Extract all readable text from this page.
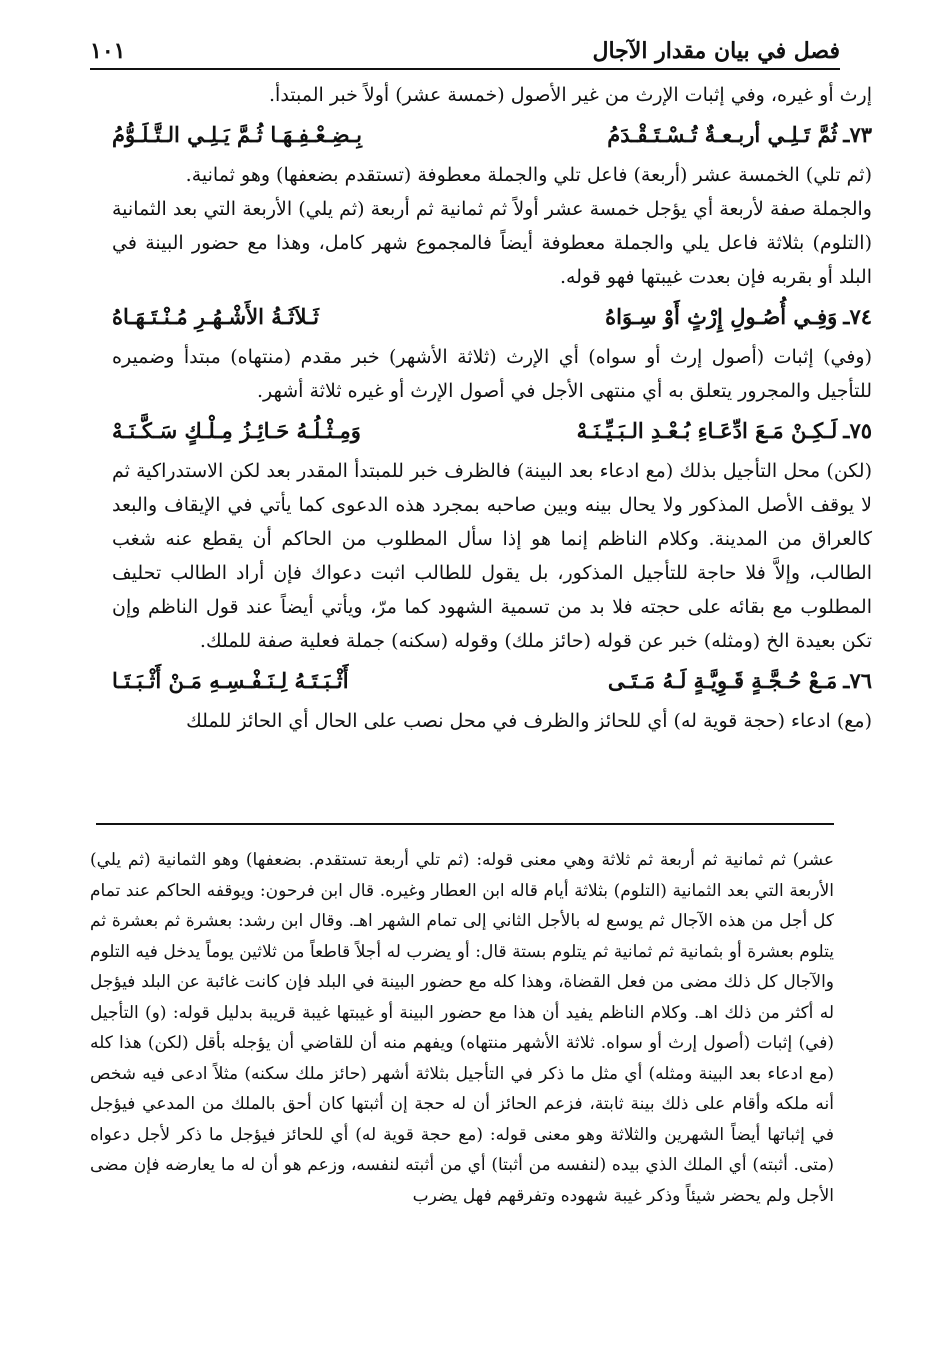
فصل في بيان مقدار الآجال
١٠١

إرث أو غيره، وفي إثبات الإرث من غير الأصول (خمسة عشر) أولاً خبر المبتدأ.

٧٣ـ
ثُمَّ تَـلِـي أربـعـةٌ تُـسْـتَـقْـدَمُ
بِـضِـعْـفِـهَـا ثُـمَّ يَـلِـي الـتَّـلَـوُّمُ

(ثم تلي) الخمسة عشر (أربعة) فاعل تلي والجملة معطوفة (تستقدم بضعفها) وهو ثمانية.

والجملة صفة لأربعة أي يؤجل خمسة عشر أولاً ثم ثمانية ثم أربعة (ثم يلي) الأربعة التي بعد الثمانية (التلوم) بثلاثة فاعل يلي والجملة معطوفة أيضاً فالمجموع شهر كامل، وهذا مع حضور البينة في البلد أو بقربه فإن بعدت غيبتها فهو قوله.

٧٤ـ
وَفِـي أُصُـولِ إِرْثٍ أَوْ سِـوَاهُ
ثَـلاَثَـةُ الأَشْـهُـرِ مُـنْـتَـهَـاهُ

(وفي) إثبات (أصول إرث أو سواه) أي الإرث (ثلاثة الأشهر) خبر مقدم (منتهاه) مبتدأ وضميره للتأجيل والمجرور يتعلق به أي منتهى الأجل في أصول الإرث أو غيره ثلاثة أشهر.

٧٥ـ
لَـكِـنْ مَـعَ ادِّعَـاءِ بُـعْـدِ الـبَـيِّـنَـهْ
وَمِـثْـلُـهُ حَـائِـزُ مِـلْـكٍ سَـكَّـنَـهْ

(لكن) محل التأجيل بذلك (مع ادعاء بعد البينة) فالظرف خبر للمبتدأ المقدر بعد لكن الاستدراكية ثم لا يوقف الأصل المذكور ولا يحال بينه وبين صاحبه بمجرد هذه الدعوى كما يأتي في الإيقاف والبعد كالعراق من المدينة. وكلام الناظم إنما هو إذا سأل المطلوب من الحاكم أن يقطع عنه شغب الطالب، وإلاَّ فلا حاجة للتأجيل المذكور، بل يقول للطالب اثبت دعواك فإن أراد الطالب تحليف المطلوب مع بقائه على حجته فلا بد من تسمية الشهود كما مرّ، ويأتي أيضاً عند قول الناظم وإن تكن بعيدة الخ (ومثله) خبر عن قوله (حائز ملك) وقوله (سكنه) جملة فعلية صفة للملك.

٧٦ـ
مَـعْ حُـجَّـةٍ قَـوِيَّـةٍ لَـهُ مَـتَـى
أَثْـبَـتَـهُ لِـنَـفْـسِـهِ مَـنْ أَثْـبَـتَـا

(مع) ادعاء (حجة قوية له) أي للحائز والظرف في محل نصب على الحال أي الحائز للملك

عشر) ثم ثمانية ثم أربعة ثم ثلاثة وهي معنى قوله: (ثم تلي أربعة تستقدم. بضعفها) وهو الثمانية (ثم يلي) الأربعة التي بعد الثمانية (التلوم) بثلاثة أيام قاله ابن العطار وغيره. قال ابن فرحون: ويوقفه الحاكم عند تمام كل أجل من هذه الآجال ثم يوسع له بالأجل الثاني إلى تمام الشهر اهـ. وقال ابن رشد: بعشرة ثم بعشرة ثم يتلوم بعشرة أو بثمانية ثم ثمانية ثم يتلوم بستة قال: أو يضرب له أجلاً قاطعاً من ثلاثين يوماً يدخل فيه التلوم والآجال كل ذلك مضى من فعل القضاة، وهذا كله مع حضور البينة في البلد فإن كانت غائبة عن البلد فيؤجل له أكثر من ذلك اهـ. وكلام الناظم يفيد أن هذا مع حضور البينة أو غيبتها غيبة قريبة بدليل قوله: (و) التأجيل (في) إثبات (أصول إرث أو سواه. ثلاثة الأشهر منتهاه) ويفهم منه أن للقاضي أن يؤجله بأقل (لكن) هذا كله (مع ادعاء بعد البينة ومثله) أي مثل ما ذكر في التأجيل بثلاثة أشهر (حائز ملك سكنه) مثلاً ادعى فيه شخص أنه ملكه وأقام على ذلك بينة ثابتة، فزعم الحائز أن له حجة إن أثبتها كان أحق بالملك من المدعي فيؤجل في إثباتها أيضاً الشهرين والثلاثة وهو معنى قوله: (مع حجة قوية له) أي للحائز فيؤجل ما ذكر لأجل دعواه (متى. أثبته) أي الملك الذي بيده (لنفسه من أثبتا) أي من أثبته لنفسه، وزعم هو أن له ما يعارضه فإن مضى الأجل ولم يحضر شيئاً وذكر غيبة شهوده وتفرقهم فهل يضرب
